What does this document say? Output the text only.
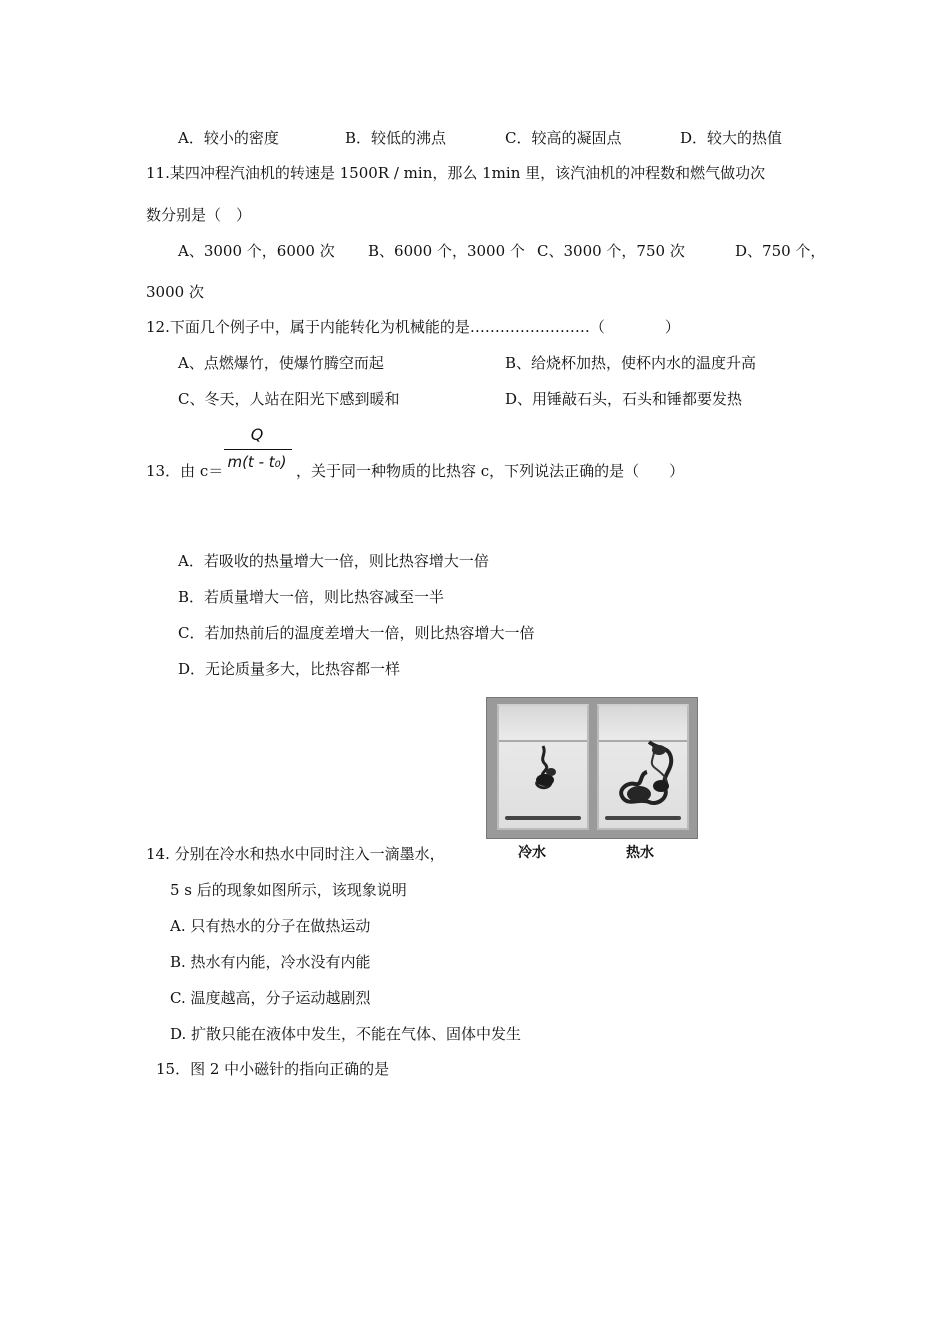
A．较小的密度	B．较低的沸点	C．较高的凝固点	D．较大的热值
11.某四冲程汽油机的转速是 1500R / min，那么 1min 里，该汽油机的冲程数和燃气做功次
数分别是（　）
A、3000 个，6000 次 B、6000 个，3000 个 C、3000 个，750 次	D、750 个，
3000 次
12.下面几个例子中，属于内能转化为机械能的是……………………（　　　　）
A、点燃爆竹，使爆竹腾空而起	B、给烧杯加热，使杯内水的温度升高
C、冬天，人站在阳光下感到暖和	D、用锤敲石头，石头和锤都要发热
13．由 c＝
Q
m(t - t₀) ，关于同一种物质的比热容 c，下列说法正确的是（　　）
A．若吸收的热量增大一倍，则比热容增大一倍
B．若质量增大一倍，则比热容减至一半
C．若加热前后的温度差增大一倍，则比热容增大一倍
D．无论质量多大，比热容都一样
冷水	热水
14. 分别在冷水和热水中同时注入一滴墨水，
5 s 后的现象如图所示，该现象说明
A. 只有热水的分子在做热运动
B. 热水有内能，冷水没有内能
C. 温度越高，分子运动越剧烈
D. 扩散只能在液体中发生，不能在气体、固体中发生
15．图 2 中小磁针的指向正确的是
